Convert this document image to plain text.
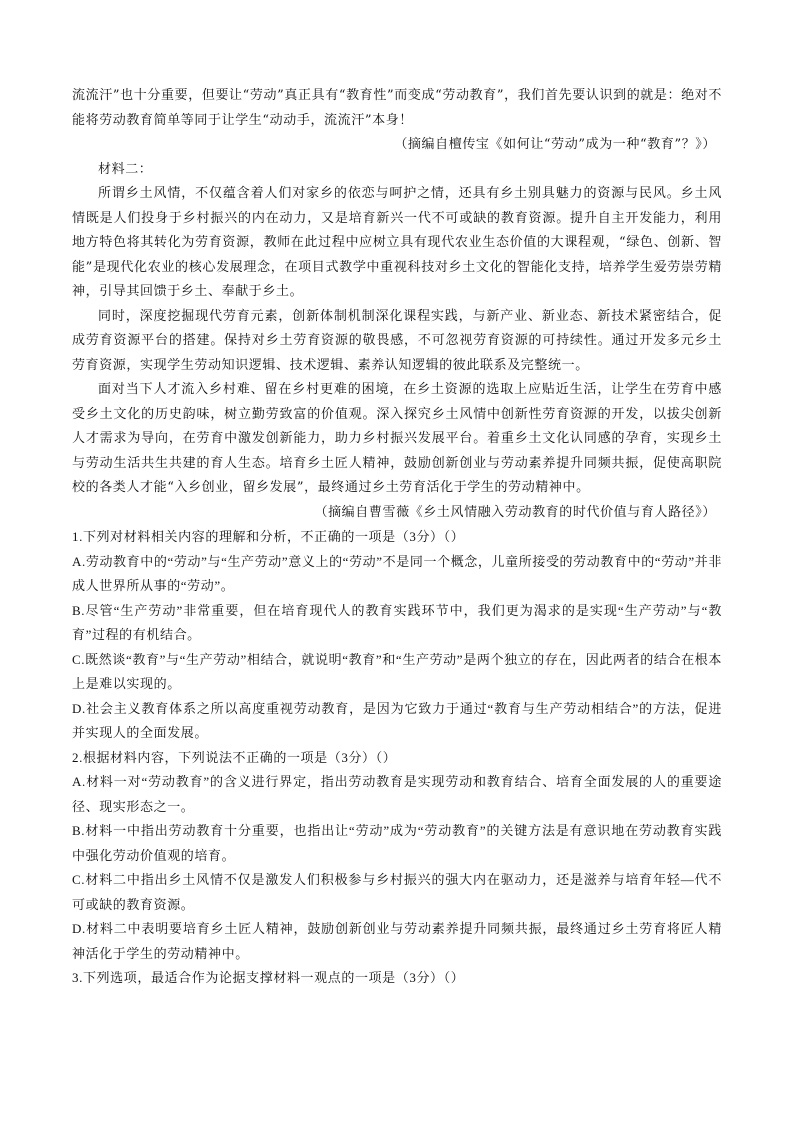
流流汗”也十分重要，但要让“劳动”真正具有“教育性”而变成“劳动教育”，我们首先要认识到的就是：绝对不能将劳动教育简单等同于让学生“动动手，流流汗”本身！

（摘编自檀传宝《如何让“劳动”成为一种“教育”？》）

材料二：

所谓乡土风情，不仅蕴含着人们对家乡的依恋与呵护之情，还具有乡土别具魅力的资源与民风。乡土风情既是人们投身于乡村振兴的内在动力，又是培育新兴一代不可或缺的教育资源。提升自主开发能力，利用地方特色将其转化为劳育资源，教师在此过程中应树立具有现代农业生态价值的大课程观，“绿色、创新、智能”是现代化农业的核心发展理念，在项目式教学中重视科技对乡土文化的智能化支持，培养学生爱劳崇劳精神，引导其回馈于乡土、奉献于乡土。

同时，深度挖掘现代劳育元素，创新体制机制深化课程实践，与新产业、新业态、新技术紧密结合，促成劳育资源平台的搭建。保持对乡土劳育资源的敬畏感，不可忽视劳育资源的可持续性。通过开发多元乡土劳育资源，实现学生劳动知识逻辑、技术逻辑、素养认知逻辑的彼此联系及完整统一。

面对当下人才流入乡村难、留在乡村更难的困境，在乡土资源的选取上应贴近生活，让学生在劳育中感受乡土文化的历史韵味，树立勤劳致富的价值观。深入探究乡土风情中创新性劳育资源的开发，以拔尖创新人才需求为导向，在劳育中激发创新能力，助力乡村振兴发展平台。着重乡土文化认同感的孕育，实现乡土与劳动生活共生共建的育人生态。培育乡土匠人精神，鼓励创新创业与劳动素养提升同频共振，促使高职院校的各类人才能“入乡创业，留乡发展”，最终通过乡土劳育活化于学生的劳动精神中。

（摘编自曹雪薇《乡土风情融入劳动教育的时代价值与育人路径》）

1.下列对材料相关内容的理解和分析，不正确的一项是（3分）（）

A.劳动教育中的“劳动”与“生产劳动”意义上的“劳动”不是同一个概念，儿童所接受的劳动教育中的“劳动”并非成人世界所从事的“劳动”。

B.尽管“生产劳动”非常重要，但在培育现代人的教育实践环节中，我们更为渴求的是实现“生产劳动”与“教育”过程的有机结合。

C.既然谈“教育”与“生产劳动”相结合，就说明“教育”和“生产劳动”是两个独立的存在，因此两者的结合在根本上是难以实现的。

D.社会主义教育体系之所以高度重视劳动教育，是因为它致力于通过“教育与生产劳动相结合”的方法，促进并实现人的全面发展。

2.根据材料内容，下列说法不正确的一项是（3分）（）

A.材料一对“劳动教育”的含义进行界定，指出劳动教育是实现劳动和教育结合、培育全面发展的人的重要途径、现实形态之一。

B.材料一中指出劳动教育十分重要，也指出让“劳动”成为“劳动教育”的关键方法是有意识地在劳动教育实践中强化劳动价值观的培育。

C.材料二中指出乡土风情不仅是激发人们积极参与乡村振兴的强大内在驱动力，还是滋养与培育年轻—代不可或缺的教育资源。

D.材料二中表明要培育乡土匠人精神，鼓励创新创业与劳动素养提升同频共振，最终通过乡土劳育将匠人精神活化于学生的劳动精神中。

3.下列选项，最适合作为论据支撑材料一观点的一项是（3分）（）
